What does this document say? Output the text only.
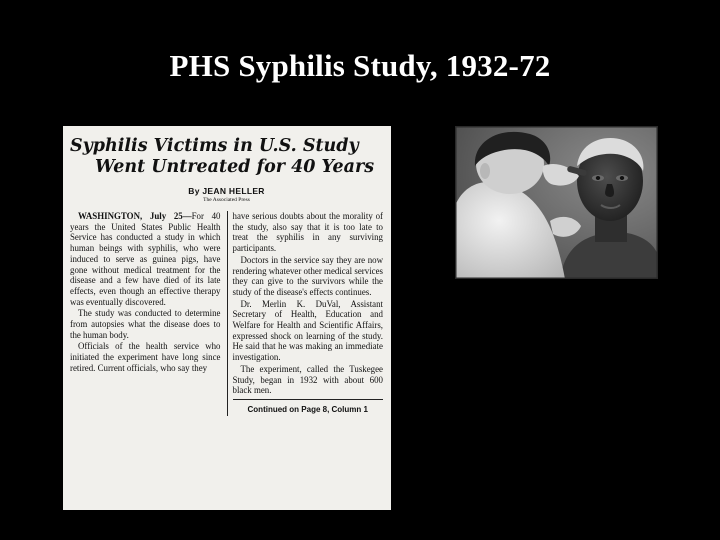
PHS Syphilis Study, 1932-72
Syphilis Victims in U.S. Study
Went Untreated for 40 Years
By JEAN HELLER
The Associated Press

WASHINGTON, July 25—For 40 years the United States Public Health Service has conducted a study in which human beings with syphilis, who were induced to serve as guinea pigs, have gone without medical treatment for the disease and a few have died of its late effects, even though an effective therapy was eventually discovered.

The study was conducted to determine from autopsies what the disease does to the human body.

Officials of the health service who initiated the experiment have long since retired. Current officials, who say they

have serious doubts about the morality of the study, also say that it is too late to treat the syphilis in any surviving participants.

Doctors in the service say they are now rendering whatever other medical services they can give to the survivors while the study of the disease's effects continues.

Dr. Merlin K. DuVal, Assistant Secretary of Health, Education and Welfare for Health and Scientific Affairs, expressed shock on learning of the study. He said that he was making an immediate investigation.

The experiment, called the Tuskegee Study, began in 1932 with about 600 black men.

Continued on Page 8, Column 1
